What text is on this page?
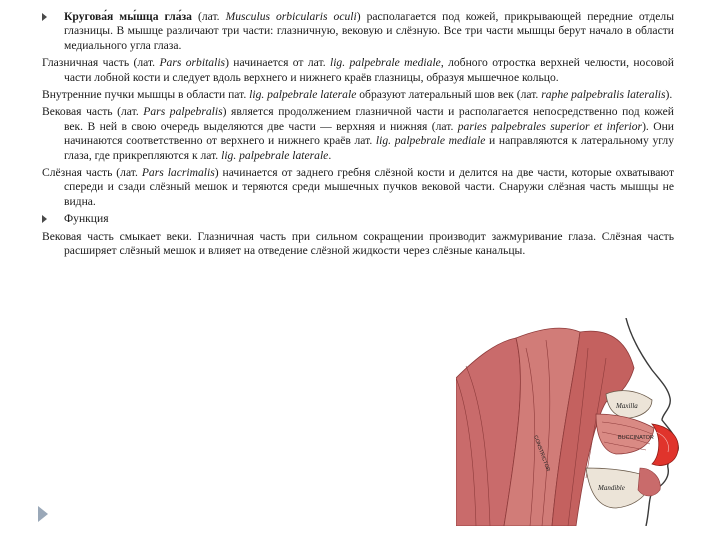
Кругова́я мы́шца гла́за (лат. Musculus orbicularis oculi) располагается под кожей, прикрывающей передние отделы глазницы. В мышце различают три части: глазничную, вековую и слёзную. Все три части мышцы берут начало в области медиального угла глаза.

Глазничная часть (лат. Pars orbitalis) начинается от лат. lig. palpebrale mediale, лобного отростка верхней челюсти, носовой части лобной кости и следует вдоль верхнего и нижнего краёв глазницы, образуя мышечное кольцо.

Внутренние пучки мышцы в области пат. lig. palpebrale laterale образуют латеральный шов век (лат. raphe palpebralis lateralis).

Вековая часть (лат. Pars palpebralis) является продолжением глазничной части и располагается непосредственно под кожей век. В ней в свою очередь выделяются две части — верхняя и нижняя (лат. paries palpebrales superior et inferior). Они начинаются соответственно от верхнего и нижнего краёв лат. lig. palpebrale mediale и направляются к латеральному углу глаза, где прикрепляются к лат. lig. palpebrale laterale.

Слёзная часть (лат. Pars lacrimalis) начинается от заднего гребня слёзной кости и делится на две части, которые охватывают спереди и сзади слёзный мешок и теряются среди мышечных пучков вековой части. Снаружи слёзная часть мышцы не видна.

Функция

Вековая часть смыкает веки. Глазничная часть при сильном сокращении производит зажмуривание глаза. Слёзная часть расширяет слёзный мешок и влияет на отведение слёзной жидкости через слёзные канальцы.

Maxilla
BUCCINATOR
CONSTRICTOR
Mandible
